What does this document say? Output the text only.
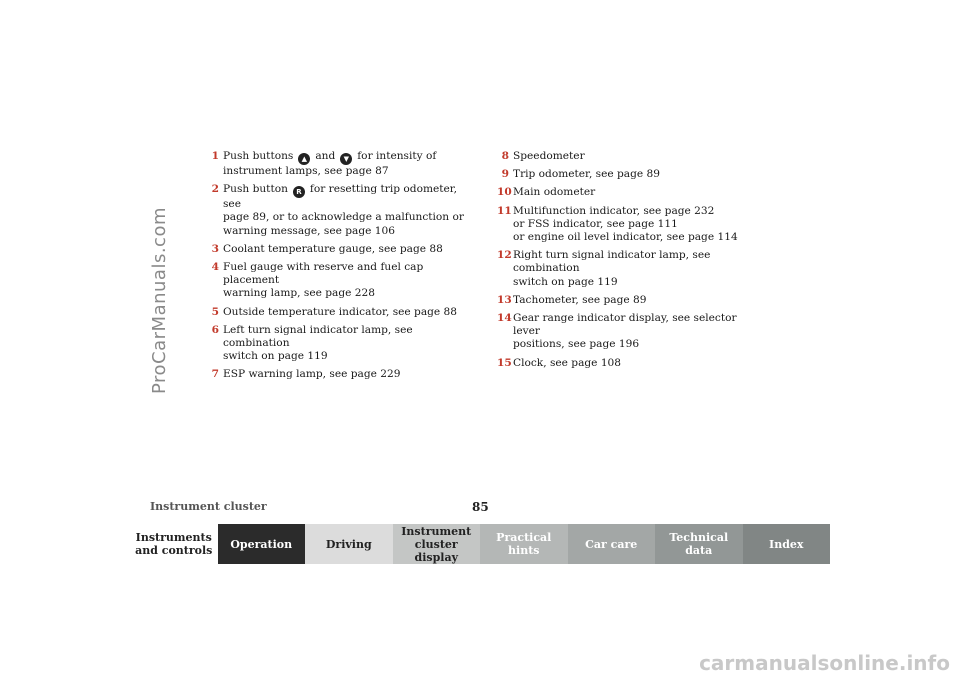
ProCarManuals.com
1 Push buttons ▲ and ▼ for intensity of
instrument lamps, see page 87
2 Push button R for resetting trip odometer, see
page 89, or to acknowledge a malfunction or
warning message, see page 106
3 Coolant temperature gauge, see page 88
4 Fuel gauge with reserve and fuel cap placement
warning lamp, see page 228
5 Outside temperature indicator, see page 88
6 Left turn signal indicator lamp, see combination
switch on page 119
7 ESP warning lamp, see page 229
8 Speedometer
9 Trip odometer, see page 89
10 Main odometer
11 Multifunction indicator, see page 232
or FSS indicator, see page 111
or engine oil level indicator, see page 114
12 Right turn signal indicator lamp, see combination
switch on page 119
13 Tachometer, see page 89
14 Gear range indicator display, see selector lever
positions, see page 196
15 Clock, see page 108
Instrument cluster	85
Instruments
and controls	Operation	Driving
Instrument
cluster display
Practical hints	Car care	Technical
data	Index
carmanualsonline.info
